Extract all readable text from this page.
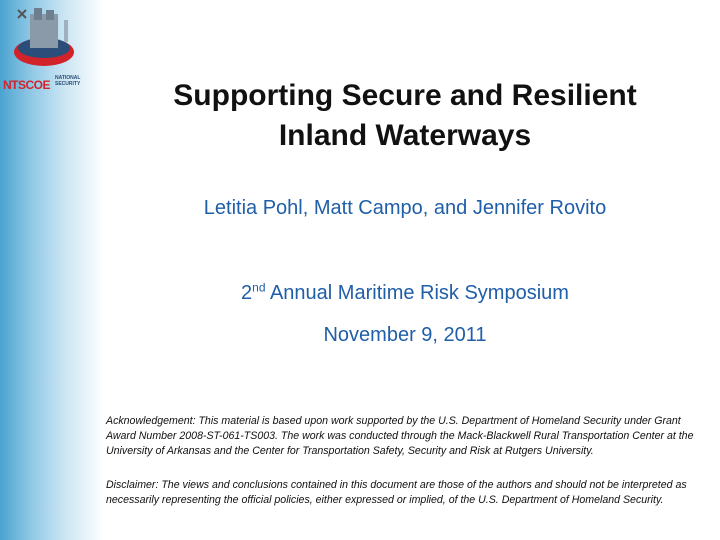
NTSCOE NATIONAL
SECURITY	Supporting Secure and Resilient
Inland Waterways
Letitia Pohl, Matt Campo, and Jennifer Rovito
2nd Annual Maritime Risk Symposium
November 9, 2011
Acknowledgement: This material is based upon work supported by the U.S. Department of Homeland Security under Grant Award Number 2008-ST-061-TS003. The work was conducted through the Mack-Blackwell Rural Transportation Center at the University of Arkansas and the Center for Transportation Safety, Security and Risk at Rutgers University.
Disclaimer: The views and conclusions contained in this document are those of the authors and should not be interpreted as necessarily representing the official policies, either expressed or implied, of the U.S. Department of Homeland Security.
